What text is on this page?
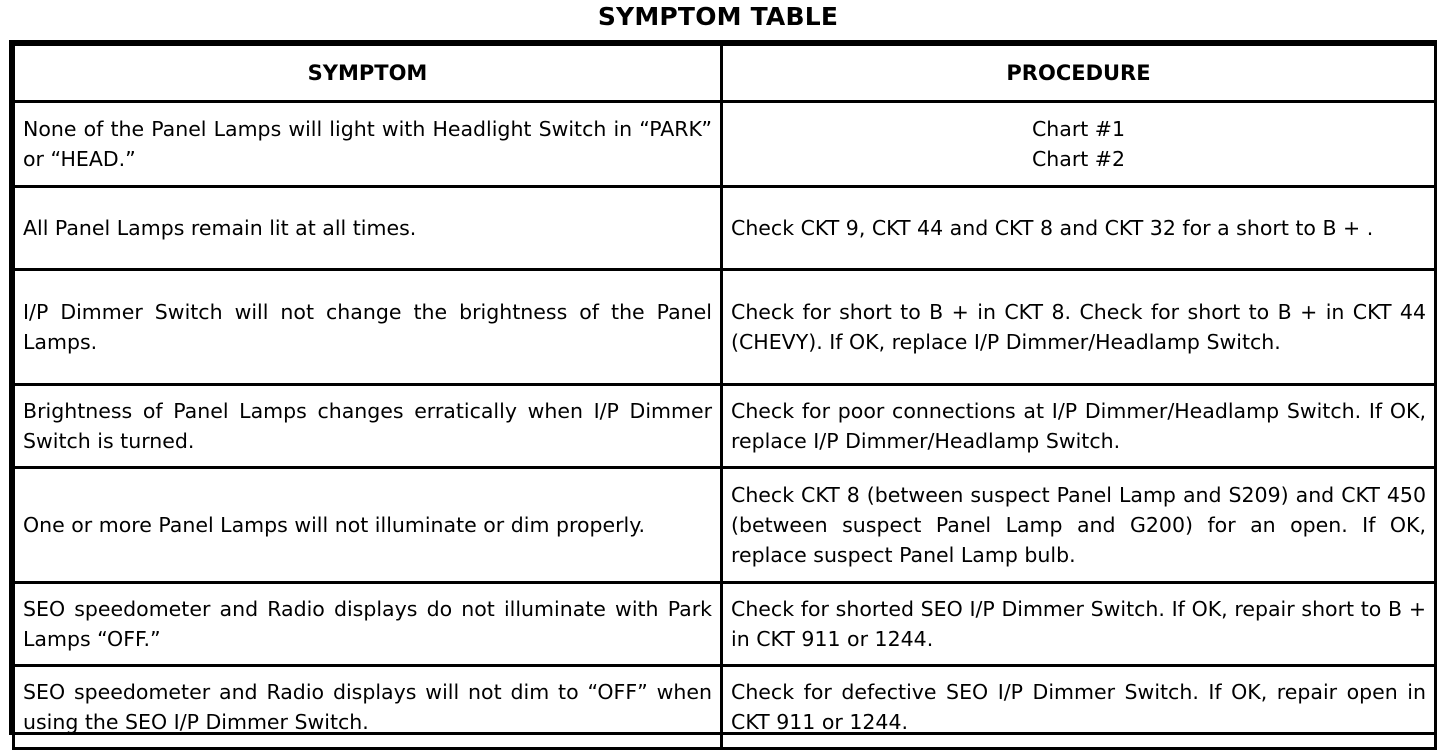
SYMPTOM TABLE
SYMPTOM	PROCEDURE
None of the Panel Lamps will light with Headlight Switch in “PARK” or “HEAD.”	Chart #1
Chart #2

All Panel Lamps remain lit at all times.	Check CKT 9, CKT 44 and CKT 8 and CKT 32 for a short to B + .
I/P Dimmer Switch will not change the brightness of the Panel Lamps.	Check for short to B + in CKT 8. Check for short to B + in CKT 44 (CHEVY). If OK, replace I/P Dimmer/Headlamp Switch.
Brightness of Panel Lamps changes erratically when I/P Dimmer Switch is turned.	Check for poor connections at I/P Dimmer/Headlamp Switch. If OK, replace I/P Dimmer/Headlamp Switch.
One or more Panel Lamps will not illuminate or dim properly.	Check CKT 8 (between suspect Panel Lamp and S209) and CKT 450 (between suspect Panel Lamp and G200) for an open. If OK, replace suspect Panel Lamp bulb.
SEO speedometer and Radio displays do not illuminate with Park Lamps “OFF.”	Check for shorted SEO I/P Dimmer Switch. If OK, repair short to B + in CKT 911 or 1244.
SEO speedometer and Radio displays will not dim to “OFF” when using the SEO I/P Dimmer Switch.	Check for defective SEO I/P Dimmer Switch. If OK, repair open in CKT 911 or 1244.
